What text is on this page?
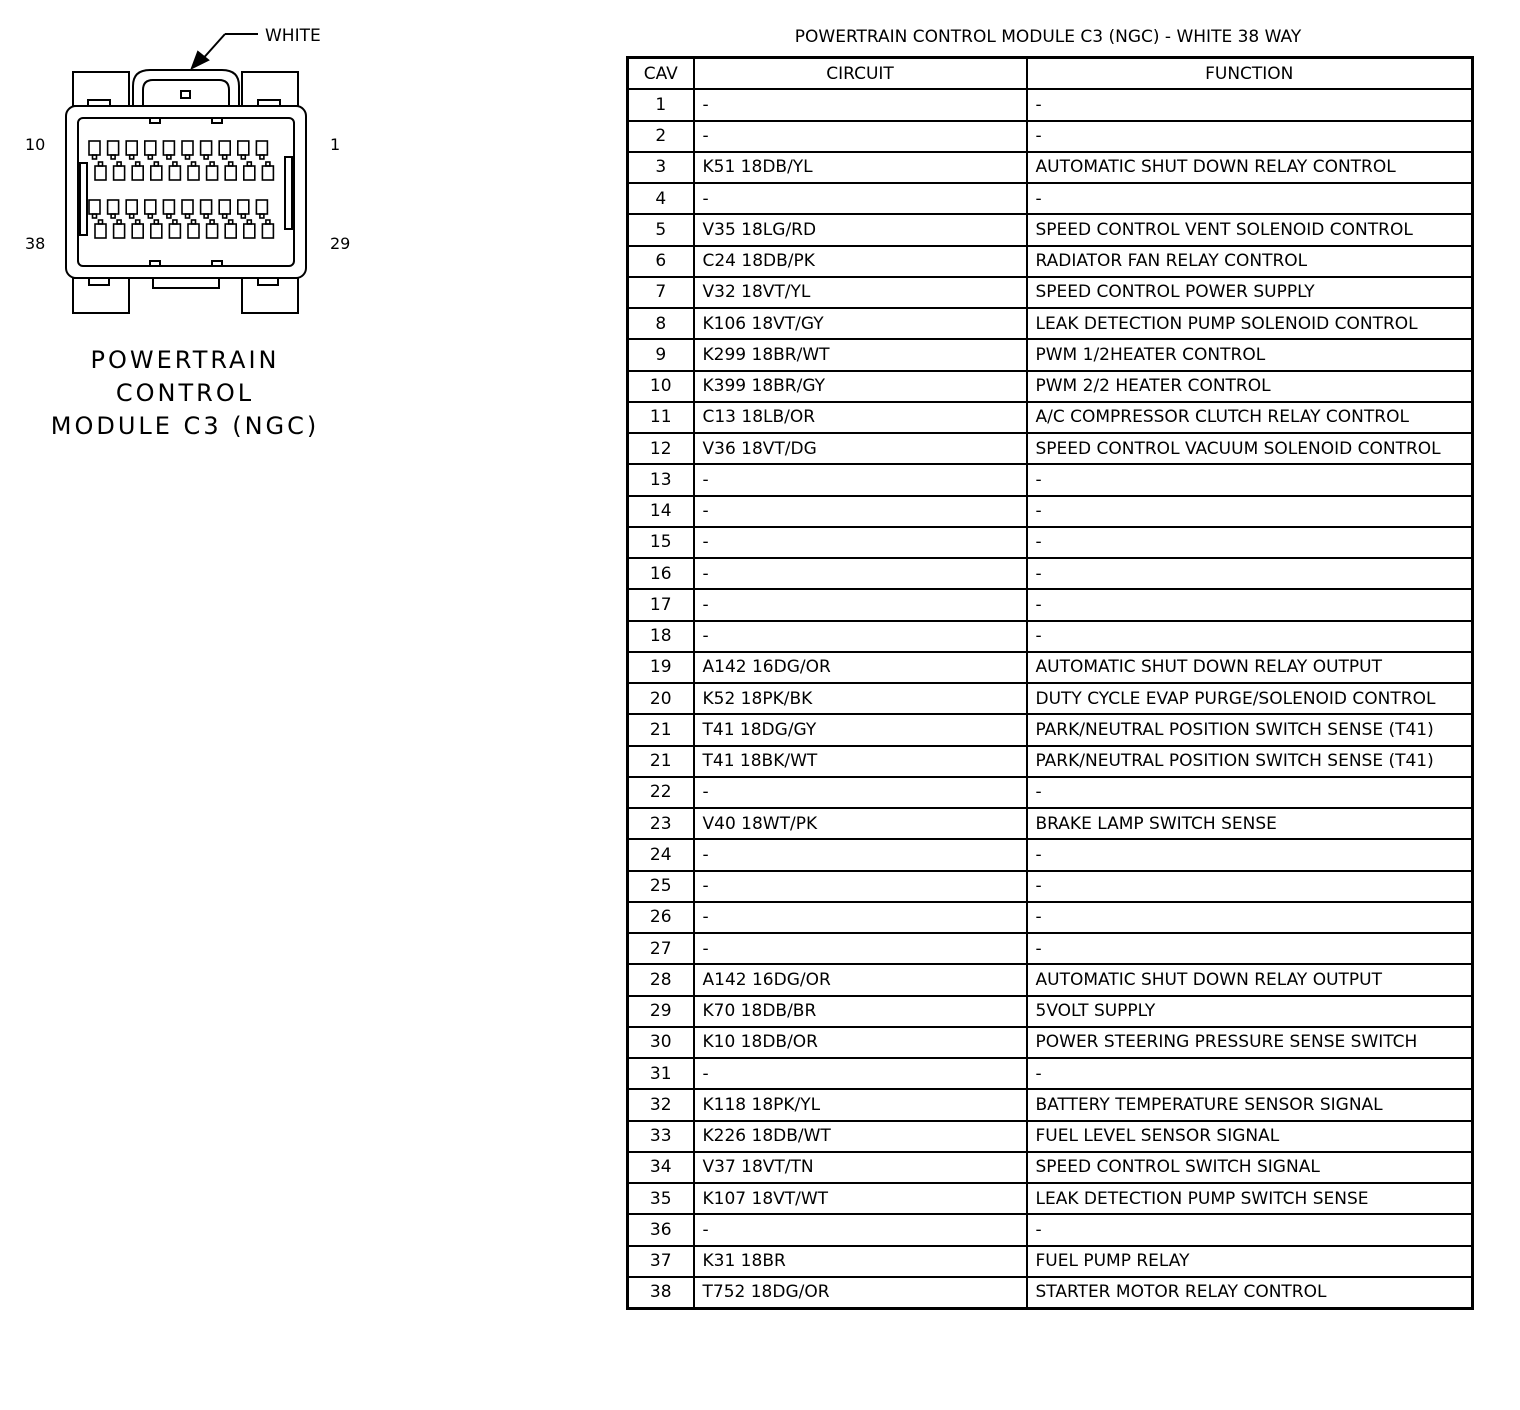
WHITE
10	1
38	29
POWERTRAIN
CONTROL
MODULE C3 (NGC)
POWERTRAIN CONTROL MODULE C3 (NGC) - WHITE 38 WAY
CAV	CIRCUIT	FUNCTION
1	-	-
2	-	-
3	K51 18DB/YL	AUTOMATIC SHUT DOWN RELAY CONTROL
4	-	-
5	V35 18LG/RD	SPEED CONTROL VENT SOLENOID CONTROL
6	C24 18DB/PK	RADIATOR FAN RELAY CONTROL
7	V32 18VT/YL	SPEED CONTROL POWER SUPPLY
8	K106 18VT/GY	LEAK DETECTION PUMP SOLENOID CONTROL
9	K299 18BR/WT	PWM 1/2HEATER CONTROL
10	K399 18BR/GY	PWM 2/2 HEATER CONTROL
11	C13 18LB/OR	A/C COMPRESSOR CLUTCH RELAY CONTROL
12	V36 18VT/DG	SPEED CONTROL VACUUM SOLENOID CONTROL
13	-	-
14	-	-
15	-	-
16	-	-
17	-	-
18	-	-
19	A142 16DG/OR	AUTOMATIC SHUT DOWN RELAY OUTPUT
20	K52 18PK/BK	DUTY CYCLE EVAP PURGE/SOLENOID CONTROL
21	T41 18DG/GY	PARK/NEUTRAL POSITION SWITCH SENSE (T41)
21	T41 18BK/WT	PARK/NEUTRAL POSITION SWITCH SENSE (T41)
22	-	-
23	V40 18WT/PK	BRAKE LAMP SWITCH SENSE
24	-	-
25	-	-
26	-	-
27	-	-
28	A142 16DG/OR	AUTOMATIC SHUT DOWN RELAY OUTPUT
29	K70 18DB/BR	5VOLT SUPPLY
30	K10 18DB/OR	POWER STEERING PRESSURE SENSE SWITCH
31	-	-
32	K118 18PK/YL	BATTERY TEMPERATURE SENSOR SIGNAL
33	K226 18DB/WT	FUEL LEVEL SENSOR SIGNAL
34	V37 18VT/TN	SPEED CONTROL SWITCH SIGNAL
35	K107 18VT/WT	LEAK DETECTION PUMP SWITCH SENSE
36	-	-
37	K31 18BR	FUEL PUMP RELAY
38	T752 18DG/OR	STARTER MOTOR RELAY CONTROL
